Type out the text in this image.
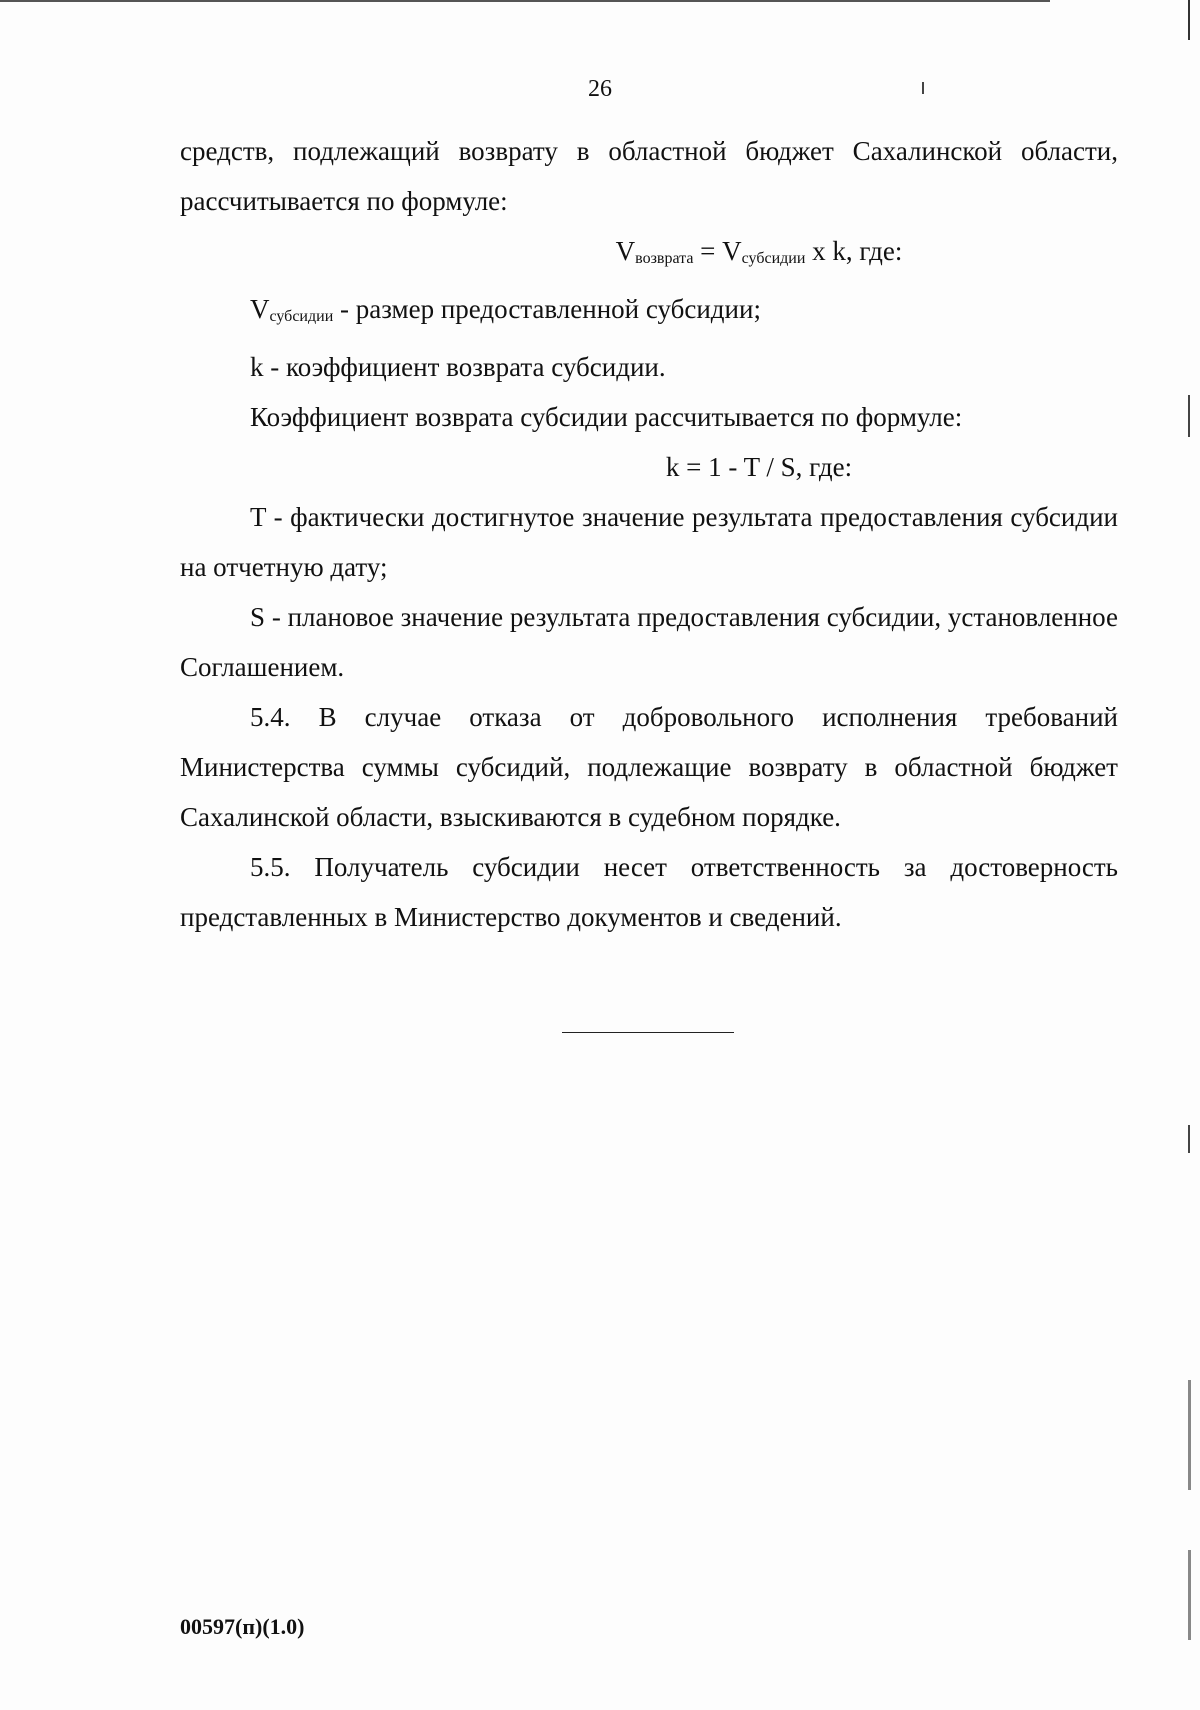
26

средств, подлежащий возврату в областной бюджет Сахалинской области, рассчитывается по формуле:

Vвозврата = Vсубсидии x k, где:

Vсубсидии - размер предоставленной субсидии;

k - коэффициент возврата субсидии.

Коэффициент возврата субсидии рассчитывается по формуле:

k = 1 - T / S, где:

T - фактически достигнутое значение результата предоставления субсидии на отчетную дату;

S - плановое значение результата предоставления субсидии, установленное Соглашением.

5.4. В случае отказа от добровольного исполнения требований Министерства суммы субсидий, подлежащие возврату в областной бюджет Сахалинской области, взыскиваются в судебном порядке.

5.5. Получатель субсидии несет ответственность за достоверность представленных в Министерство документов и сведений.

00597(п)(1.0)
